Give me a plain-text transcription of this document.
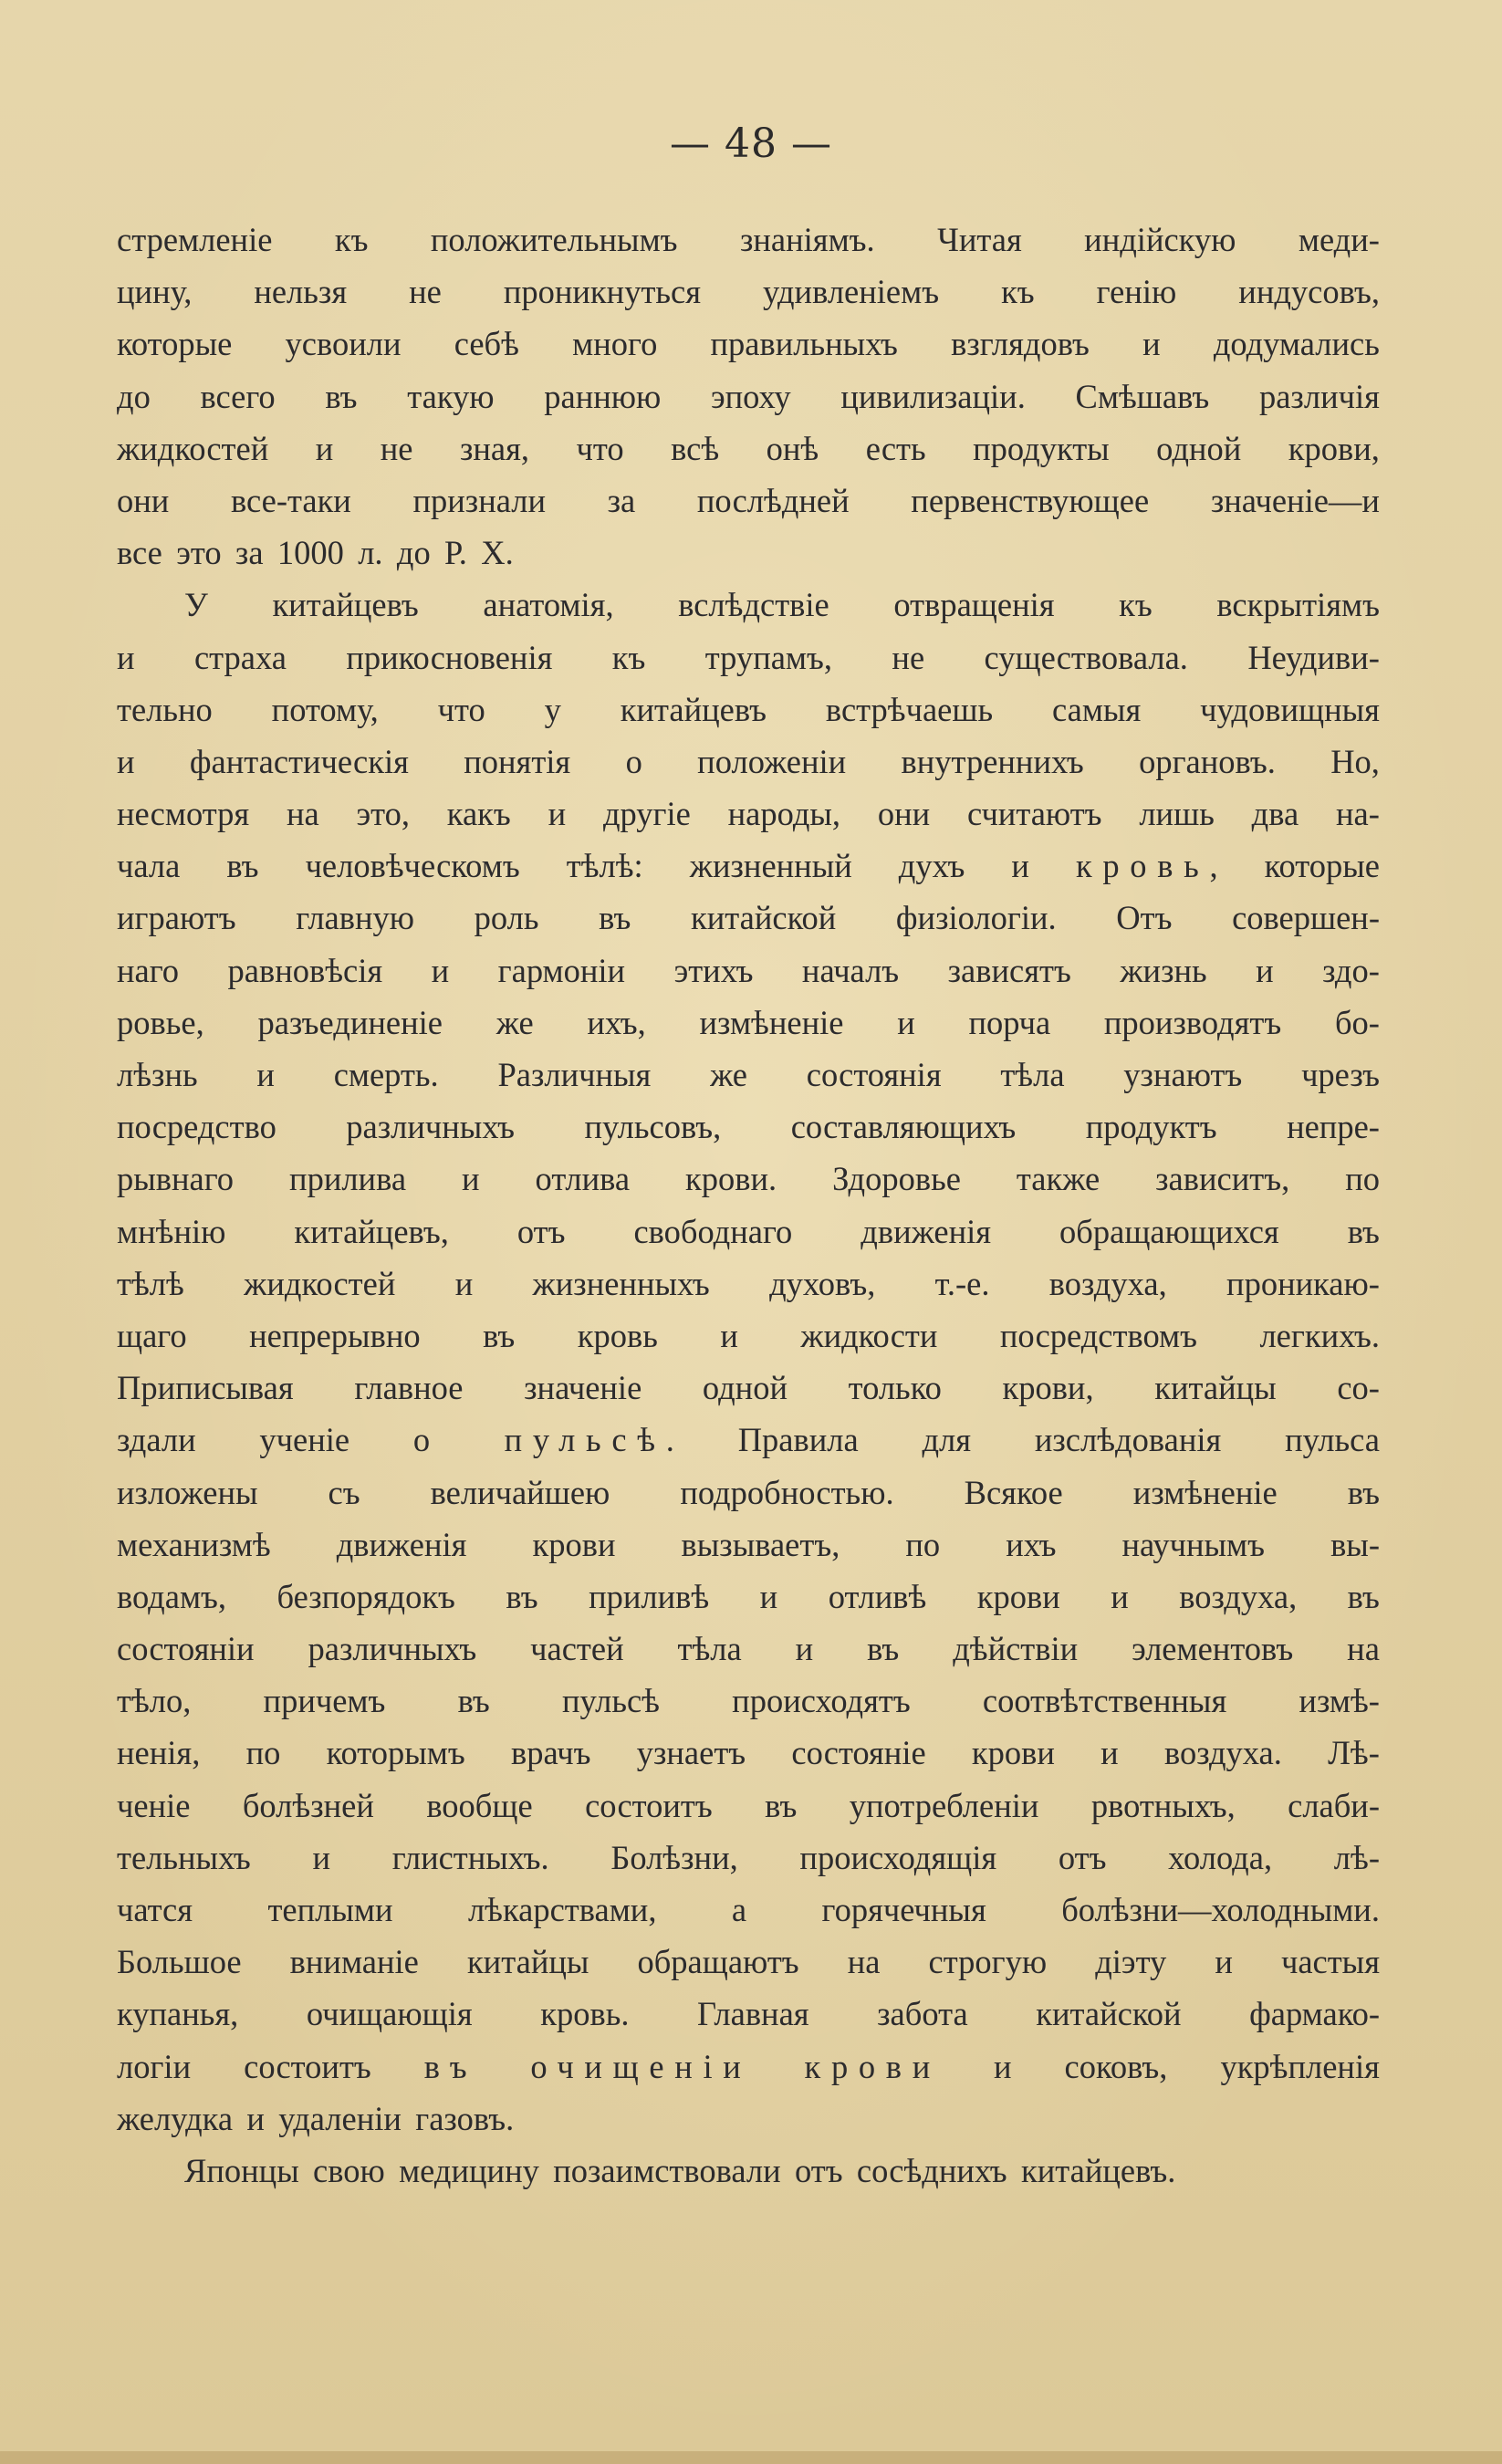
— 48 —
стремленіе къ положительнымъ знаніямъ. Читая индійскую меди-
цину, нельзя не проникнуться удивленіемъ къ генію индусовъ,
которые усвоили себѣ много правильныхъ взглядовъ и додумались
до всего въ такую раннюю эпоху цивилизаціи. Смѣшавъ различія
жидкостей и не зная, что всѣ онѣ есть продукты одной крови,
они все-таки признали за послѣдней первенствующее значеніе—и
все это за 1000 л. до Р. Х.
У китайцевъ анатомія, вслѣдствіе отвращенія къ вскрытіямъ
и страха прикосновенія къ трупамъ, не существовала. Неудиви-
тельно потому, что у китайцевъ встрѣчаешь самыя чудовищныя
и фантастическія понятія о положеніи внутреннихъ органовъ. Но,
несмотря на это, какъ и другіе народы, они считаютъ лишь два на-
чала въ человѣческомъ тѣлѣ: жизненный духъ и кровь, которые
играютъ главную роль въ китайской физіологіи. Отъ совершен-
наго равновѣсія и гармоніи этихъ началъ зависятъ жизнь и здо-
ровье, разъединеніе же ихъ, измѣненіе и порча производятъ бо-
лѣзнь и смерть. Различныя же состоянія тѣла узнаютъ чрезъ
посредство различныхъ пульсовъ, составляющихъ продуктъ непре-
рывнаго прилива и отлива крови. Здоровье также зависитъ, по
мнѣнію китайцевъ, отъ свободнаго движенія обращающихся въ
тѣлѣ жидкостей и жизненныхъ духовъ, т.-е. воздуха, проникаю-
щаго непрерывно въ кровь и жидкости посредствомъ легкихъ.
Приписывая главное значеніе одной только крови, китайцы со-
здали ученіе о пульсѣ. Правила для изслѣдованія пульса
изложены съ величайшею подробностью. Всякое измѣненіе въ
механизмѣ движенія крови вызываетъ, по ихъ научнымъ вы-
водамъ, безпорядокъ въ приливѣ и отливѣ крови и воздуха, въ
состояніи различныхъ частей тѣла и въ дѣйствіи элементовъ на
тѣло, причемъ въ пульсѣ происходятъ соотвѣтственныя измѣ-
ненія, по которымъ врачъ узнаетъ состояніе крови и воздуха. Лѣ-
ченіе болѣзней вообще состоитъ въ употребленіи рвотныхъ, слаби-
тельныхъ и глистныхъ. Болѣзни, происходящія отъ холода, лѣ-
чатся теплыми лѣкарствами, а горячечныя болѣзни—холодными.
Большое вниманіе китайцы обращаютъ на строгую діэту и частыя
купанья, очищающія кровь. Главная забота китайской фармако-
логіи состоитъ въ очищеніи крови и соковъ, укрѣпленія
желудка и удаленіи газовъ.
Японцы свою медицину позаимствовали отъ сосѣднихъ китайцевъ.
